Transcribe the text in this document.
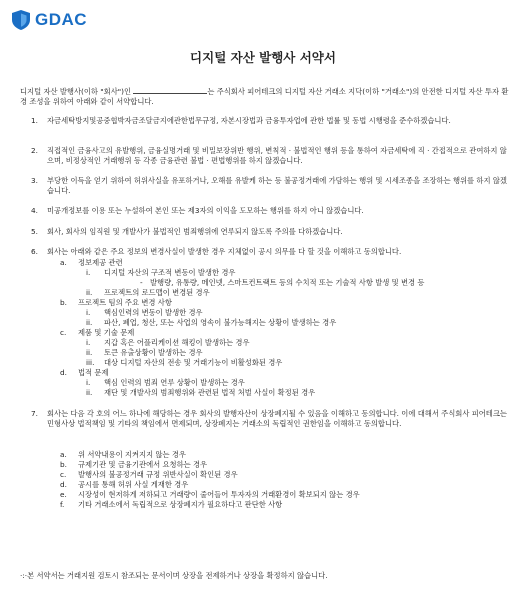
GDAC
디지털 자산 발행사 서약서
디지털 자산 발행사(이하 "회사")인	는 주식회사 피어테크의 디지털 자산 거래소 지닥(이하 "거래소")의 안전한 디지털 자산 투자 환경 조성을 위하여 아래와 같이 서약합니다.
1. 자금세탁방지및공중협박자금조달금지에관한법무규정, 자본시장법과 금융투자업에 관한 법률 및 동법 시행령을 준수하겠습니다.
2. 직접적인 금융사고의 유발행위, 금융실명거래 및 비밀보장위반 행위, 변칙적 · 불법적인 행위 등을 통하여 자금세탁에 직 · 간접적으로 관여하지 않으며, 비정상적인 거래행위 등 각종 금융관련 불법 · 편법행위를 하지 않겠습니다.
3. 부당한 이득을 얻기 위하여 허위사실을 유포하거나, 오해를 유발케 하는 등 불공정거래에 가담하는 행위 및 시세조종을 조장하는 행위를 하지 않겠습니다.
4. 미공개정보를 이용 또는 누설하여 본인 또는 제3자의 이익을 도모하는 행위를 하지 아니 않겠습니다.
5. 회사, 회사의 임직원 및 개발사가 불법적인 범죄행위에 연루되지 않도록 주의를 다하겠습니다.
6. 회사는 아래와 같은 주요 정보의 변경사실이 발생한 경우 지체없이 공시 의무를 다 할 것을 이해하고 동의합니다.
a. 정보제공 관련
i. 디지털 자산의 구조적 변동이 발생한 경우
- 발행량, 유통량, 메인넷, 스마트컨트랙트 등의 수치적 또는 기술적 사항 발생 및 변경 등
ii. 프로젝트의 로드맵이 변경된 경우
b. 프로젝트 팀의 주요 변경 사항
i. 핵심인력의 변동이 발생한 경우
ii. 파산, 폐업, 청산, 또는 사업의 영속이 불가능해지는 상황이 발생하는 경우
c. 제품 및 기술 문제
i. 지갑 혹은 어플리케이션 해킹이 발생하는 경우
ii. 토큰 유출상황이 발생하는 경우
iii. 대상 디지털 자산의 전송 및 거래기능이 비활성화된 경우
d. 법적 문제
i. 핵심 인력의 범죄 연루 상황이 발생하는 경우
ii. 재단 및 개발사의 범죄행위와 관련된 법적 처벌 사실이 확정된 경우
7. 회사는 다음 각 호의 어느 하나에 해당하는 경우 회사의 발행자산이 상장폐지될 수 있음을 이해하고 동의합니다. 이에 대해서 주식회사 피어테크는 민형사상 법적책임 및 기타의 책임에서 면제되며, 상장폐지는 거래소의 독립적인 권한임을 이해하고 동의합니다.
a. 위 서약내용이 지켜지지 않는 경우
b. 규제기관 및 금융기관에서 요청하는 경우
c. 발행사의 불공정거래 규정 위반사실이 확인된 경우
d. 공시를 통해 허위 사실 게재한 경우
e. 시장성이 현저하게 저하되고 거래량이 줄어들어 투자자의 거래환경이 확보되지 않는 경우
f. 기타 거래소에서 독립적으로 상장폐지가 필요하다고 판단한 사항
·:·본 서약서는 거래지원 검토시 참조되는 문서이며 상장을 전제하거나 상장을 확정하지 않습니다.
